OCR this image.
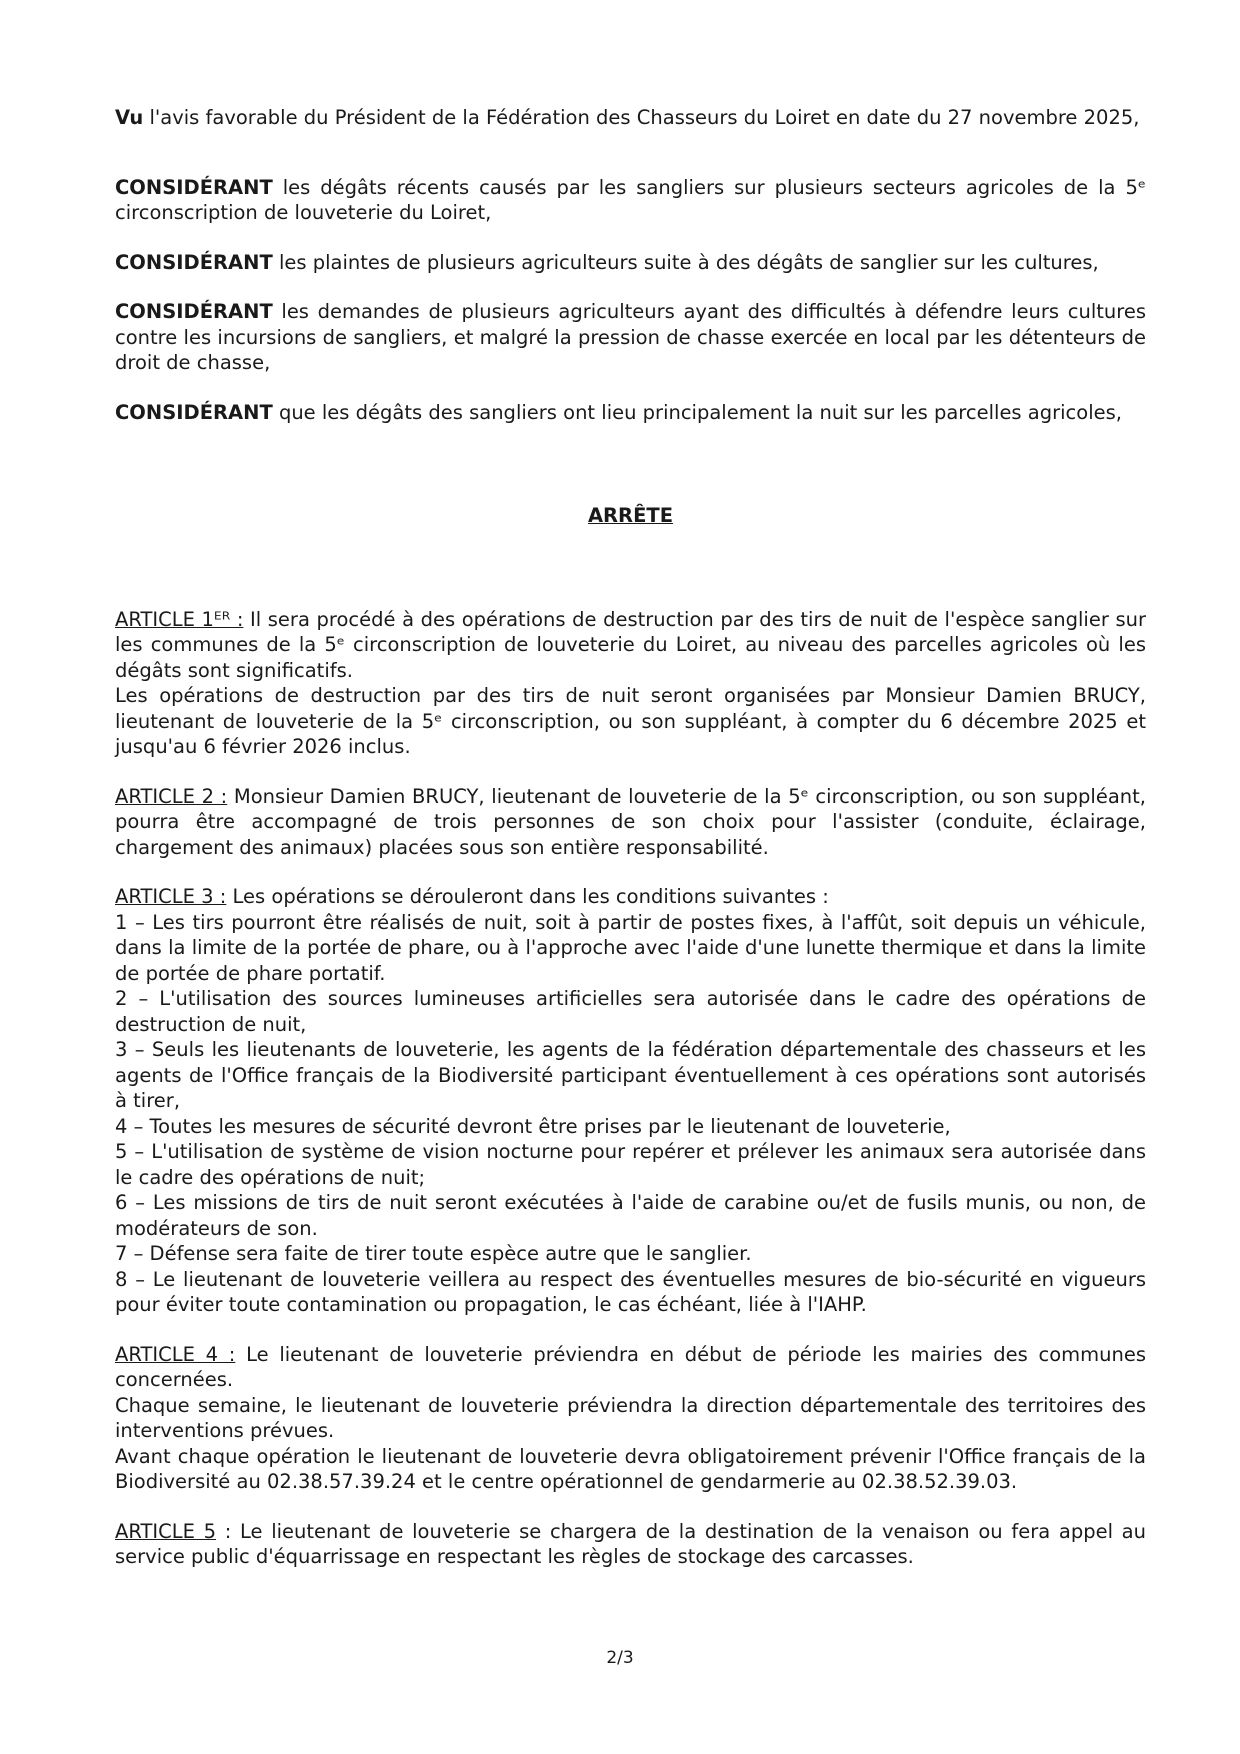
Vu l'avis favorable du Président de la Fédération des Chasseurs du Loiret en date du 27 novembre 2025,

CONSIDÉRANT les dégâts récents causés par les sangliers sur plusieurs secteurs agricoles de la 5ᵉ circonscription de louveterie du Loiret,

CONSIDÉRANT les plaintes de plusieurs agriculteurs suite à des dégâts de sanglier sur les cultures,

CONSIDÉRANT les demandes de plusieurs agriculteurs ayant des difficultés à défendre leurs cultures contre les incursions de sangliers, et malgré la pression de chasse exercée en local par les détenteurs de droit de chasse,

CONSIDÉRANT que les dégâts des sangliers ont lieu principalement la nuit sur les parcelles agricoles,

ARRÊTE

ARTICLE 1ᴱᴿ : Il sera procédé à des opérations de destruction par des tirs de nuit de l'espèce sanglier sur les communes de la 5ᵉ circonscription de louveterie du Loiret, au niveau des parcelles agricoles où les dégâts sont significatifs.

Les opérations de destruction par des tirs de nuit seront organisées par Monsieur Damien BRUCY, lieutenant de louveterie de la 5ᵉ circonscription, ou son suppléant, à compter du 6 décembre 2025 et jusqu'au 6 février 2026 inclus.

ARTICLE 2 : Monsieur Damien BRUCY, lieutenant de louveterie de la 5ᵉ circonscription, ou son suppléant, pourra être accompagné de trois personnes de son choix pour l'assister (conduite, éclairage, chargement des animaux) placées sous son entière responsabilité.

ARTICLE 3 : Les opérations se dérouleront dans les conditions suivantes :

1 – Les tirs pourront être réalisés de nuit, soit à partir de postes fixes, à l'affût, soit depuis un véhicule, dans la limite de la portée de phare, ou à l'approche avec l'aide d'une lunette thermique et dans la limite de portée de phare portatif.

2 – L'utilisation des sources lumineuses artificielles sera autorisée dans le cadre des opérations de destruction de nuit,

3 – Seuls les lieutenants de louveterie, les agents de la fédération départementale des chasseurs et les agents de l'Office français de la Biodiversité participant éventuellement à ces opérations sont autorisés à tirer,

4 – Toutes les mesures de sécurité devront être prises par le lieutenant de louveterie,

5 – L'utilisation de système de vision nocturne pour repérer et prélever les animaux sera autorisée dans le cadre des opérations de nuit;

6 – Les missions de tirs de nuit seront exécutées à l'aide de carabine ou/et de fusils munis, ou non, de modérateurs de son.

7 – Défense sera faite de tirer toute espèce autre que le sanglier.

8 – Le lieutenant de louveterie veillera au respect des éventuelles mesures de bio-sécurité en vigueurs pour éviter toute contamination ou propagation, le cas échéant, liée à l'IAHP.

ARTICLE 4 : Le lieutenant de louveterie préviendra en début de période les mairies des communes concernées.

Chaque semaine, le lieutenant de louveterie préviendra la direction départementale des territoires des interventions prévues.

Avant chaque opération le lieutenant de louveterie devra obligatoirement prévenir l'Office français de la Biodiversité au 02.38.57.39.24 et le centre opérationnel de gendarmerie au 02.38.52.39.03.

ARTICLE 5 : Le lieutenant de louveterie se chargera de la destination de la venaison ou fera appel au service public d'équarrissage en respectant les règles de stockage des carcasses.

2/3
